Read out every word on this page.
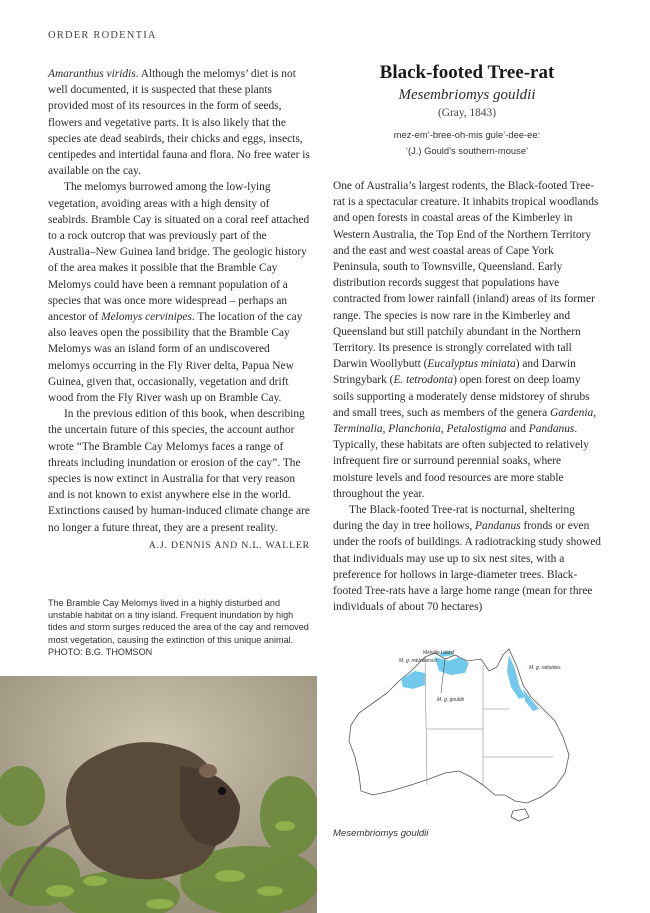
ORDER RODENTIA

Amaranthus viridis. Although the melomys’ diet is not well documented, it is suspected that these plants provided most of its resources in the form of seeds, flowers and vegetative parts. It is also likely that the species ate dead seabirds, their chicks and eggs, insects, centipedes and intertidal fauna and flora. No free water is available on the cay.

The melomys burrowed among the low-lying vegetation, avoiding areas with a high density of seabirds. Bramble Cay is situated on a coral reef attached to a rock outcrop that was previously part of the Australia–New Guinea land bridge. The geologic history of the area makes it possible that the Bramble Cay Melomys could have been a remnant population of a species that was once more widespread – perhaps an ancestor of Melomys cervinipes. The location of the cay also leaves open the possibility that the Bramble Cay Melomys was an island form of an undiscovered melomys occurring in the Fly River delta, Papua New Guinea, given that, occasionally, vegetation and drift wood from the Fly River wash up on Bramble Cay.

In the previous edition of this book, when describing the uncertain future of this species, the account author wrote “The Bramble Cay Melomys faces a range of threats including inundation or erosion of the cay”. The species is now extinct in Australia for that very reason and is not known to exist anywhere else in the world. Extinctions caused by human-induced climate change are no longer a future threat, they are a present reality.

A.J. DENNIS AND N.L. WALLER
The Bramble Cay Melomys lived in a highly disturbed and unstable habitat on a tiny island. Frequent inundation by high tides and storm surges reduced the area of the cay and removed most vegetation, causing the extinction of this unique animal.
PHOTO: B.G. THOMSON
Black-footed Tree-rat
Mesembriomys gouldii
(Gray, 1843)
mez-em’-bree-oh-mis gule’-dee-ee:
‘(J.) Gould’s southern-mouse’

One of Australia’s largest rodents, the Black-footed Tree-rat is a spectacular creature. It inhabits tropical woodlands and open forests in coastal areas of the Kimberley in Western Australia, the Top End of the Northern Territory and the east and west coastal areas of Cape York Peninsula, south to Townsville, Queensland. Early distribution records suggest that populations have contracted from lower rainfall (inland) areas of its former range. The species is now rare in the Kimberley and Queensland but still patchily abundant in the Northern Territory. Its presence is strongly correlated with tall Darwin Woollybutt (Eucalyptus miniata) and Darwin Stringybark (E. tetrodonta) open forest on deep loamy soils supporting a moderately dense midstorey of shrubs and small trees, such as members of the genera Gardenia, Terminalia, Planchonia, Petalostigma and Pandanus. Typically, these habitats are often subjected to relatively infrequent fire or surround perennial soaks, where moisture levels and food resources are more stable throughout the year.

The Black-footed Tree-rat is nocturnal, sheltering during the day in tree hollows, Pandanus fronds or even under the roofs of buildings. A radiotracking study showed that individuals may use up to six nest sites, with a preference for hollows in large-diameter trees. Black-footed Tree-rats have a large home range (mean for three individuals of about 70 hectares)

Melville Island
M. g. melvillensis
M. g. rattoides
M. g. gouldii
Mesembriomys gouldii
